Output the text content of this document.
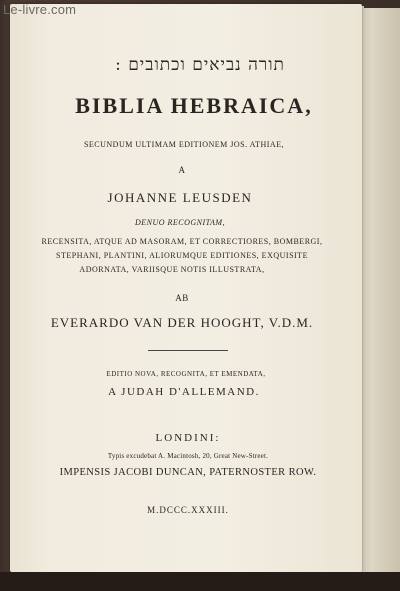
Le-livre.com
תורה נביאים וכתובים :
BIBLIA HEBRAICA,
SECUNDUM ULTIMAM EDITIONEM JOS. ATHIAE,
A
JOHANNE LEUSDEN
DENUO RECOGNITAM,
RECENSITA, ATQUE AD MASORAM, ET CORRECTIORES, BOMBERGI,
STEPHANI, PLANTINI, ALIORUMQUE EDITIONES, EXQUISITE
ADORNATA, VARIISQUE NOTIS ILLUSTRATA,
AB
EVERARDO VAN DER HOOGHT, V.D.M.
EDITIO NOVA, RECOGNITA, ET EMENDATA,
A JUDAH D'ALLEMAND.
LONDINI:
Typis excudebat A. Macintosh, 20, Great New-Street.
IMPENSIS JACOBI DUNCAN, PATERNOSTER ROW.
M.DCCC.XXXIII.
